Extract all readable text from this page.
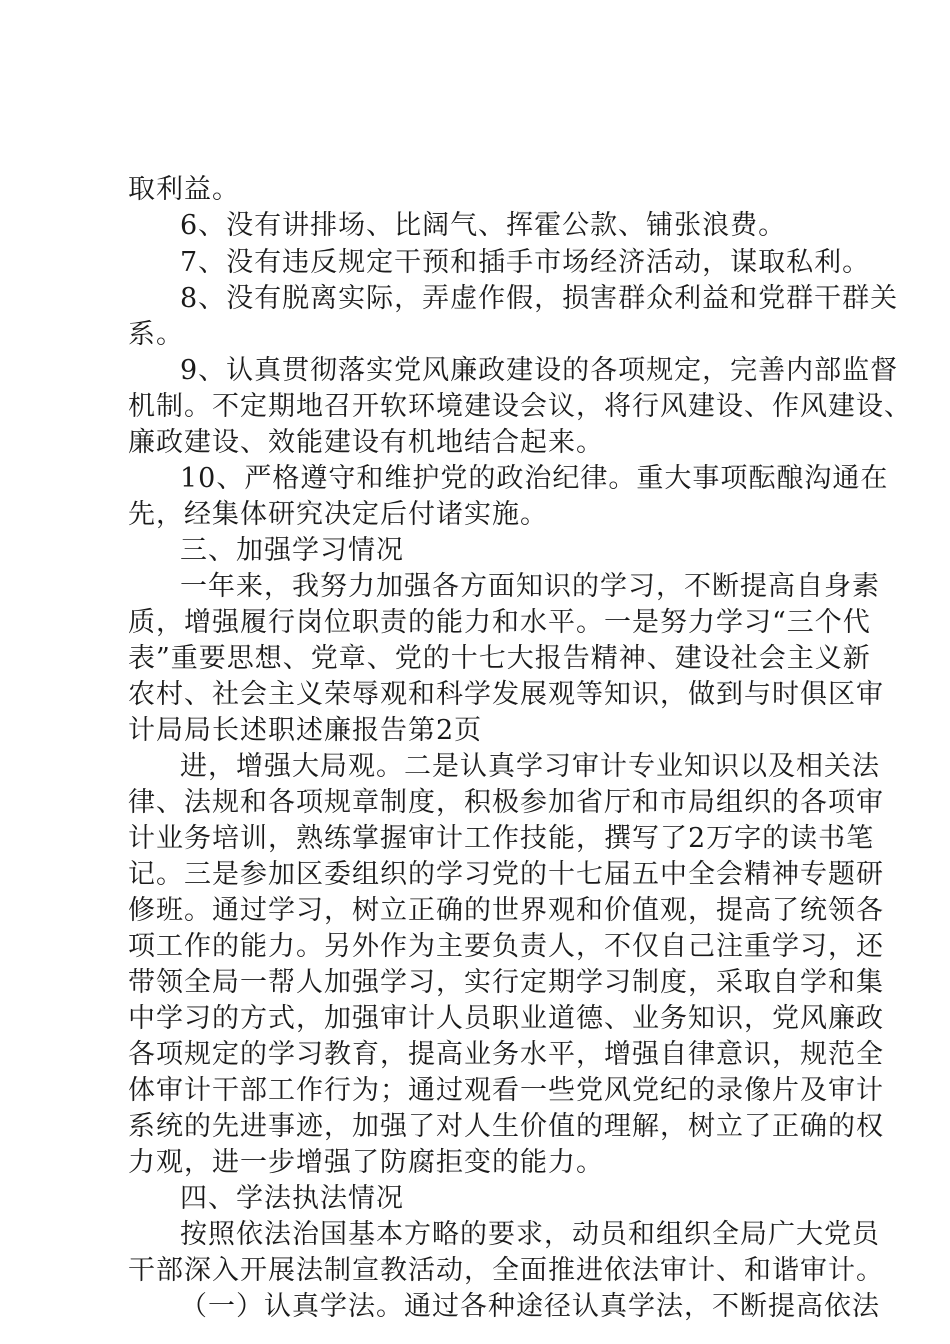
取利益。
6、没有讲排场、比阔气、挥霍公款、铺张浪费。
7、没有违反规定干预和插手市场经济活动，谋取私利。
8、没有脱离实际，弄虚作假，损害群众利益和党群干群关
系。
9、认真贯彻落实党风廉政建设的各项规定，完善内部监督
机制。不定期地召开软环境建设会议，将行风建设、作风建设、
廉政建设、效能建设有机地结合起来。
10、严格遵守和维护党的政治纪律。重大事项酝酿沟通在
先，经集体研究决定后付诸实施。
三、加强学习情况
一年来，我努力加强各方面知识的学习，不断提高自身素
质，增强履行岗位职责的能力和水平。一是努力学习“三个代
表”重要思想、党章、党的十七大报告精神、建设社会主义新
农村、社会主义荣辱观和科学发展观等知识，做到与时俱区审
计局局长述职述廉报告第2页
进，增强大局观。二是认真学习审计专业知识以及相关法
律、法规和各项规章制度，积极参加省厅和市局组织的各项审
计业务培训，熟练掌握审计工作技能，撰写了2万字的读书笔
记。三是参加区委组织的学习党的十七届五中全会精神专题研
修班。通过学习，树立正确的世界观和价值观，提高了统领各
项工作的能力。另外作为主要负责人，不仅自己注重学习，还
带领全局一帮人加强学习，实行定期学习制度，采取自学和集
中学习的方式，加强审计人员职业道德、业务知识，党风廉政
各项规定的学习教育，提高业务水平，增强自律意识，规范全
体审计干部工作行为；通过观看一些党风党纪的录像片及审计
系统的先进事迹，加强了对人生价值的理解，树立了正确的权
力观，进一步增强了防腐拒变的能力。
四、学法执法情况
按照依法治国基本方略的要求，动员和组织全局广大党员
干部深入开展法制宣教活动，全面推进依法审计、和谐审计。
（一）认真学法。通过各种途径认真学法，不断提高依法
